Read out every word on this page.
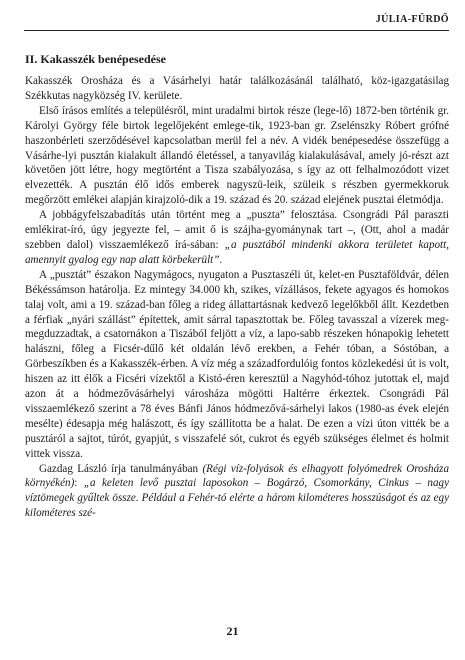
JÚLIA-FÜRDŐ
II. Kakasszék benépesedése

Kakasszék Orosháza és a Vásárhelyi határ találkozásánál található, köz-igazgatásilag Székkutas nagyközség IV. kerülete.

Első írásos említés a településről, mint uradalmi birtok része (lege-lő) 1872-ben történik gr. Károlyi György féle birtok legelőjeként emlege-tik, 1923-ban gr. Zselénszky Róbert grófné haszonbérleti szerződésével kapcsolatban merül fel a név. A vidék benépesedése összefügg a Vásárhe-lyi pusztán kialakult állandó életéssel, a tanyavilág kialakulásával, amely jó-részt azt követően jött létre, hogy megtörtént a Tisza szabályozása, s így az ott felhalmozódott vizet elvezették. A pusztán élő idős emberek nagyszü-leik, szüleik s részben gyermekkoruk megőrzött emlékei alapján kirajzoló-dik a 19. század és 20. század elejének pusztai életmódja.

A jobbágyfelszabadítás után történt meg a „puszta” felosztása. Csongrádi Pál paraszti emlékirat-író, úgy jegyezte fel, – amit ő is szájha-gyománynak tart –, (Ott, ahol a madár szebben dalol) visszaemlékező írá-sában: „a pusztából mindenki akkora területet kapott, amennyit gyalog egy nap alatt körbekerült”.

A „pusztát” északon Nagymágocs, nyugaton a Pusztaszéli út, kelet-en Pusztaföldvár, délen Békéssámson határolja. Ez mintegy 34.000 kh, szikes, vízállásos, fekete agyagos és homokos talaj volt, ami a 19. század-ban főleg a rideg állattartásnak kedvező legelőkből állt. Kezdetben a férfiak „nyári szállást” építettek, amit sárral tapasztottak be. Főleg tavasszal a vízerek meg-megduzzadtak, a csatornákon a Tiszából feljött a víz, a lapo-sabb részeken hónapokig lehetett halászni, főleg a Ficsér-dűlő két oldalán lévő erekben, a Fehér tóban, a Sóstóban, a Görbeszíkben és a Kakasszék-érben. A víz még a századfordulóig fontos közlekedési út is volt, hiszen az itt élők a Ficséri vízektől a Kistó-éren keresztül a Nagyhód-tóhoz jutottak el, majd azon át a hódmezővásárhelyi városháza mögötti Haltérre érkeztek. Csongrádi Pál visszaemlékező szerint a 78 éves Bánfi János hódmezővá-sárhelyi lakos (1980-as évek elején mesélte) édesapja még halászott, és így szállította be a halat. De ezen a vízi úton vitték be a pusztáról a sajtot, túrót, gyapjút, s visszafelé sót, cukrot és egyéb szükséges élelmet és holmit vittek vissza.

Gazdag László írja tanulmányában (Régi víz-folyások és elhagyott folyómedrek Orosháza környékén): „a keleten levő pusztai laposokon – Bogárzó, Csomorkány, Cinkus – nagy víztömegek gyűltek össze. Például a Fehér-tó elérte a három kilométeres hosszúságot és az egy kilométeres szé-

21
